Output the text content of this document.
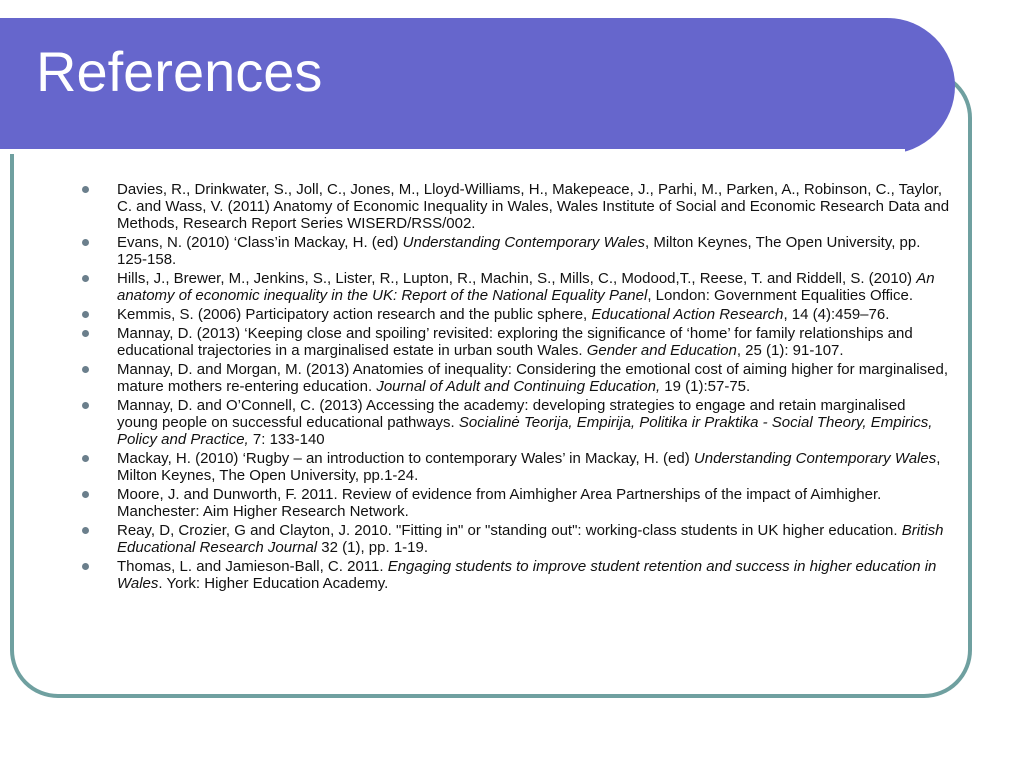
References
Davies, R., Drinkwater, S., Joll, C., Jones, M., Lloyd-Williams, H., Makepeace, J., Parhi, M., Parken, A., Robinson, C., Taylor, C. and Wass, V. (2011) Anatomy of Economic Inequality in Wales, Wales Institute of Social and Economic Research Data and Methods, Research Report Series WISERD/RSS/002.
Evans, N. (2010) ‘Class’in Mackay, H. (ed) Understanding Contemporary Wales, Milton Keynes, The Open University, pp. 125-158.
Hills, J., Brewer, M., Jenkins, S., Lister, R., Lupton, R., Machin, S., Mills, C., Modood,T., Reese, T. and Riddell, S. (2010) An anatomy of economic inequality in the UK: Report of the National Equality Panel, London: Government Equalities Office.
Kemmis, S. (2006) Participatory action research and the public sphere, Educational Action Research, 14 (4):459–76.
Mannay, D. (2013) ‘Keeping close and spoiling’ revisited: exploring the significance of ‘home’ for family relationships and educational trajectories in a marginalised estate in urban south Wales. Gender and Education, 25 (1): 91-107.
Mannay, D. and Morgan, M. (2013) Anatomies of inequality: Considering the emotional cost of aiming higher for marginalised, mature mothers re-entering education. Journal of Adult and Continuing Education, 19 (1):57-75.
Mannay, D. and O’Connell, C. (2013) Accessing the academy: developing strategies to engage and retain marginalised young people on successful educational pathways. Socialinė Teorija, Empirija, Politika ir Praktika - Social Theory, Empirics, Policy and Practice, 7: 133-140
Mackay, H. (2010) ‘Rugby – an introduction to contemporary Wales’ in Mackay, H. (ed) Understanding Contemporary Wales, Milton Keynes, The Open University, pp.1-24.
Moore, J. and Dunworth, F. 2011. Review of evidence from Aimhigher Area Partnerships of the impact of Aimhigher. Manchester: Aim Higher Research Network.
Reay, D, Crozier, G and Clayton, J. 2010. "Fitting in" or "standing out": working-class students in UK higher education. British Educational Research Journal 32 (1), pp. 1-19.
Thomas, L. and Jamieson-Ball, C. 2011. Engaging students to improve student retention and success in higher education in Wales. York: Higher Education Academy.
